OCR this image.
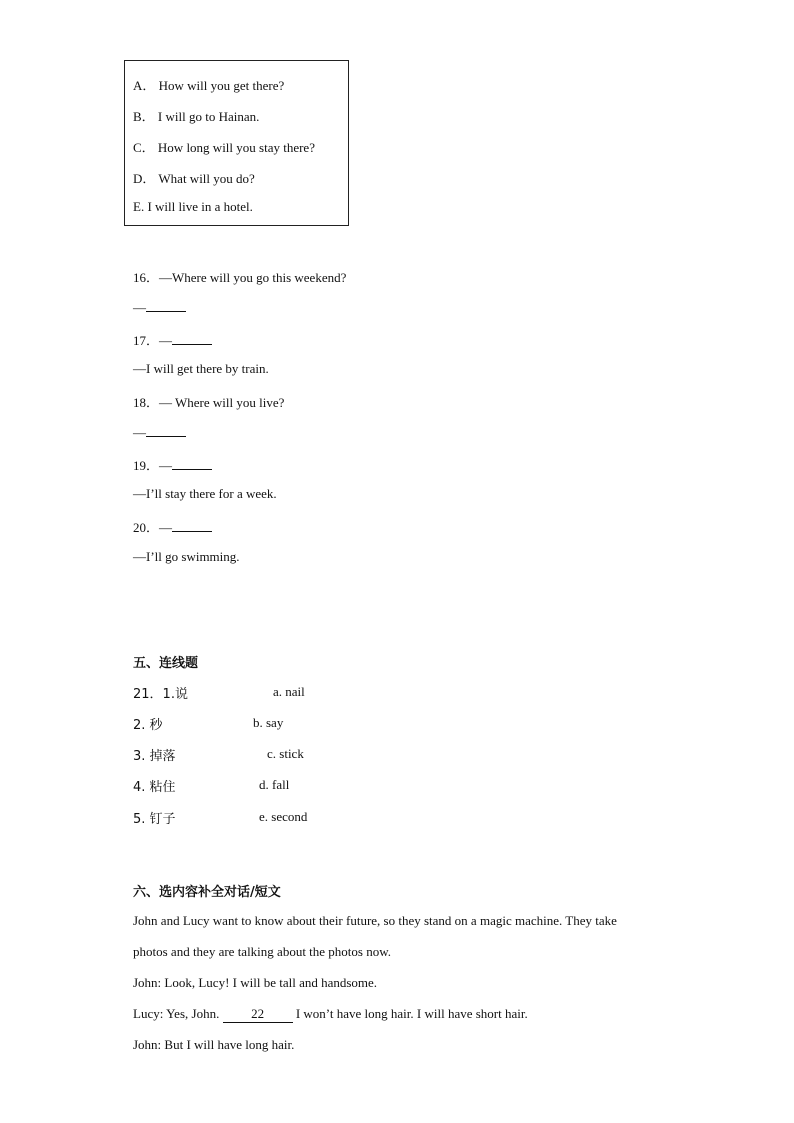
A． How will you get there?
B． I will go to Hainan.
C． How long will you stay there?
D． What will you do?
E. I will live in a hotel.
16．—Where will you go this weekend?
—
17．—
—I will get there by train.
18．— Where will you live?
—
19．—
—I’ll stay there for a week.
20．—
—I’ll go swimming.
五、连线题
21．1.说	a. nail
2. 秒	b. say
3. 掉落	c. stick
4. 粘住	d. fall
5. 钉子	e. second
六、选内容补全对话/短文
John and Lucy want to know about their future, so they stand on a magic machine. They take
photos and they are talking about the photos now.
John: Look, Lucy! I will be tall and handsome.
Lucy: Yes, John. 22 I won’t have long hair. I will have short hair.
John: But I will have long hair.
